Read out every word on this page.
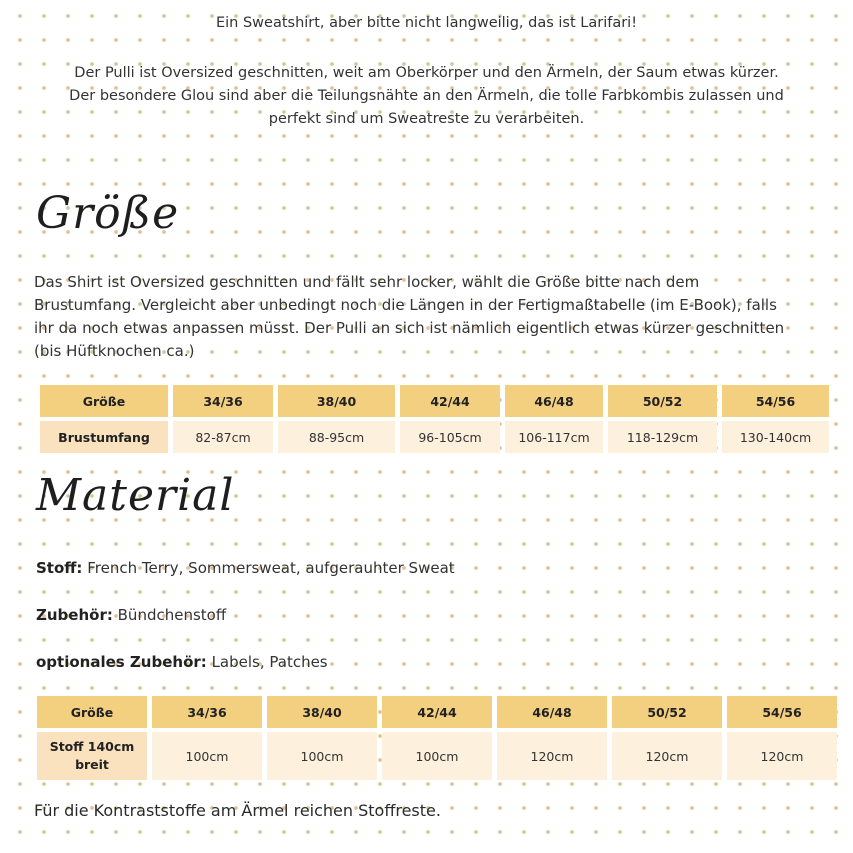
Ein Sweatshirt, aber bitte nicht langweilig, das ist Larifari!
Der Pulli ist Oversized geschnitten, weit am Oberkörper und den Ärmeln, der Saum etwas kürzer.
Der besondere Glou sind aber die Teilungsnähte an den Ärmeln, die tolle Farbkombis zulassen und
perfekt sind um Sweatreste zu verarbeiten.
Größe
Das Shirt ist Oversized geschnitten und fällt sehr locker, wählt die Größe bitte nach dem Brustumfang. Vergleicht aber unbedingt noch die Längen in der Fertigmaßtabelle (im E-Book), falls ihr da noch etwas anpassen müsst. Der Pulli an sich ist nämlich eigentlich etwas kürzer geschnitten (bis Hüftknochen ca.)
Größe	34/36	38/40	42/44	46/48	50/52	54/56
Brustumfang	82-87cm	88-95cm	96-105cm	106-117cm	118-129cm	130-140cm
Material
Stoff: French Terry, Sommersweat, aufgerauhter Sweat
Zubehör: Bündchenstoff
optionales Zubehör: Labels, Patches
Größe	34/36	38/40	42/44	46/48	50/52	54/56
Stoff 140cm breit	100cm	100cm	100cm	120cm	120cm	120cm
Für die Kontraststoffe am Ärmel reichen Stoffreste.
